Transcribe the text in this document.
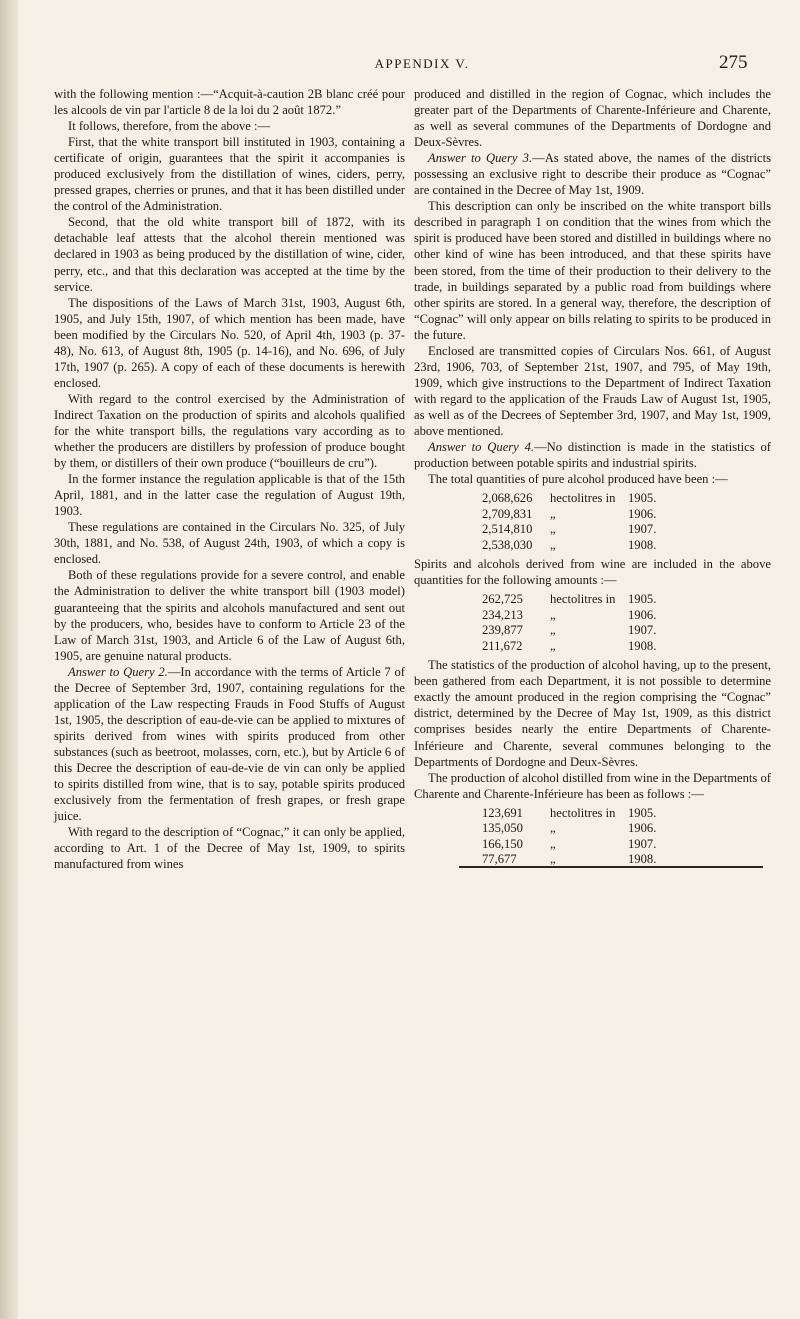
APPENDIX V.	275

with the following mention :—“Acquit-à-caution 2B blanc créé pour les alcools de vin par l'article 8 de la loi du 2 août 1872.”

It follows, therefore, from the above :—

First, that the white transport bill instituted in 1903, containing a certificate of origin, guarantees that the spirit it accompanies is produced exclusively from the distillation of wines, ciders, perry, pressed grapes, cherries or prunes, and that it has been distilled under the control of the Administration.

Second, that the old white transport bill of 1872, with its detachable leaf attests that the alcohol therein mentioned was declared in 1903 as being produced by the distillation of wine, cider, perry, etc., and that this declaration was accepted at the time by the service.

The dispositions of the Laws of March 31st, 1903, August 6th, 1905, and July 15th, 1907, of which mention has been made, have been modified by the Circulars No. 520, of April 4th, 1903 (p. 37-48), No. 613, of August 8th, 1905 (p. 14-16), and No. 696, of July 17th, 1907 (p. 265). A copy of each of these documents is herewith enclosed.

With regard to the control exercised by the Administration of Indirect Taxation on the production of spirits and alcohols qualified for the white transport bills, the regulations vary according as to whether the producers are distillers by profession of produce bought by them, or distillers of their own produce (“bouilleurs de cru”).

In the former instance the regulation applicable is that of the 15th April, 1881, and in the latter case the regulation of August 19th, 1903.

These regulations are contained in the Circulars No. 325, of July 30th, 1881, and No. 538, of August 24th, 1903, of which a copy is enclosed.

Both of these regulations provide for a severe control, and enable the Administration to deliver the white transport bill (1903 model) guaranteeing that the spirits and alcohols manufactured and sent out by the producers, who, besides have to conform to Article 23 of the Law of March 31st, 1903, and Article 6 of the Law of August 6th, 1905, are genuine natural products.

Answer to Query 2.—In accordance with the terms of Article 7 of the Decree of September 3rd, 1907, containing regulations for the application of the Law respecting Frauds in Food Stuffs of August 1st, 1905, the description of eau-de-vie can be applied to mixtures of spirits derived from wines with spirits produced from other substances (such as beetroot, molasses, corn, etc.), but by Article 6 of this Decree the description of eau-de-vie de vin can only be applied to spirits distilled from wine, that is to say, potable spirits produced exclusively from the fermentation of fresh grapes, or fresh grape juice.

With regard to the description of “Cognac,” it can only be applied, according to Art. 1 of the Decree of May 1st, 1909, to spirits manufactured from wines

produced and distilled in the region of Cognac, which includes the greater part of the Departments of Charente-Inférieure and Charente, as well as several communes of the Departments of Dordogne and Deux-Sèvres.

Answer to Query 3.—As stated above, the names of the districts possessing an exclusive right to describe their produce as “Cognac” are contained in the Decree of May 1st, 1909.

This description can only be inscribed on the white transport bills described in paragraph 1 on condition that the wines from which the spirit is produced have been stored and distilled in buildings where no other kind of wine has been introduced, and that these spirits have been stored, from the time of their production to their delivery to the trade, in buildings separated by a public road from buildings where other spirits are stored. In a general way, therefore, the description of “Cognac” will only appear on bills relating to spirits to be produced in the future.

Enclosed are transmitted copies of Circulars Nos. 661, of August 23rd, 1906, 703, of September 21st, 1907, and 795, of May 19th, 1909, which give instructions to the Department of Indirect Taxation with regard to the application of the Frauds Law of August 1st, 1905, as well as of the Decrees of September 3rd, 1907, and May 1st, 1909, above mentioned.

Answer to Query 4.—No distinction is made in the statistics of production between potable spirits and industrial spirits.

The total quantities of pure alcohol produced have been :—

2,068,626	hectolitres in 1905.
2,709,831	„	1906.
2,514,810	„	1907.
2,538,030	„	1908.

Spirits and alcohols derived from wine are included in the above quantities for the following amounts :—

262,725	hectolitres in 1905.
234,213	„	1906.
239,877	„	1907.
211,672	„	1908.

The statistics of the production of alcohol having, up to the present, been gathered from each Department, it is not possible to determine exactly the amount produced in the region comprising the “Cognac” district, determined by the Decree of May 1st, 1909, as this district comprises besides nearly the entire Departments of Charente-Inférieure and Charente, several communes belonging to the Departments of Dordogne and Deux-Sèvres.

The production of alcohol distilled from wine in the Departments of Charente and Charente-Inférieure has been as follows :—

123,691	hectolitres in 1905.
135,050	„	1906.
166,150	„	1907.
77,677	„	1908.
